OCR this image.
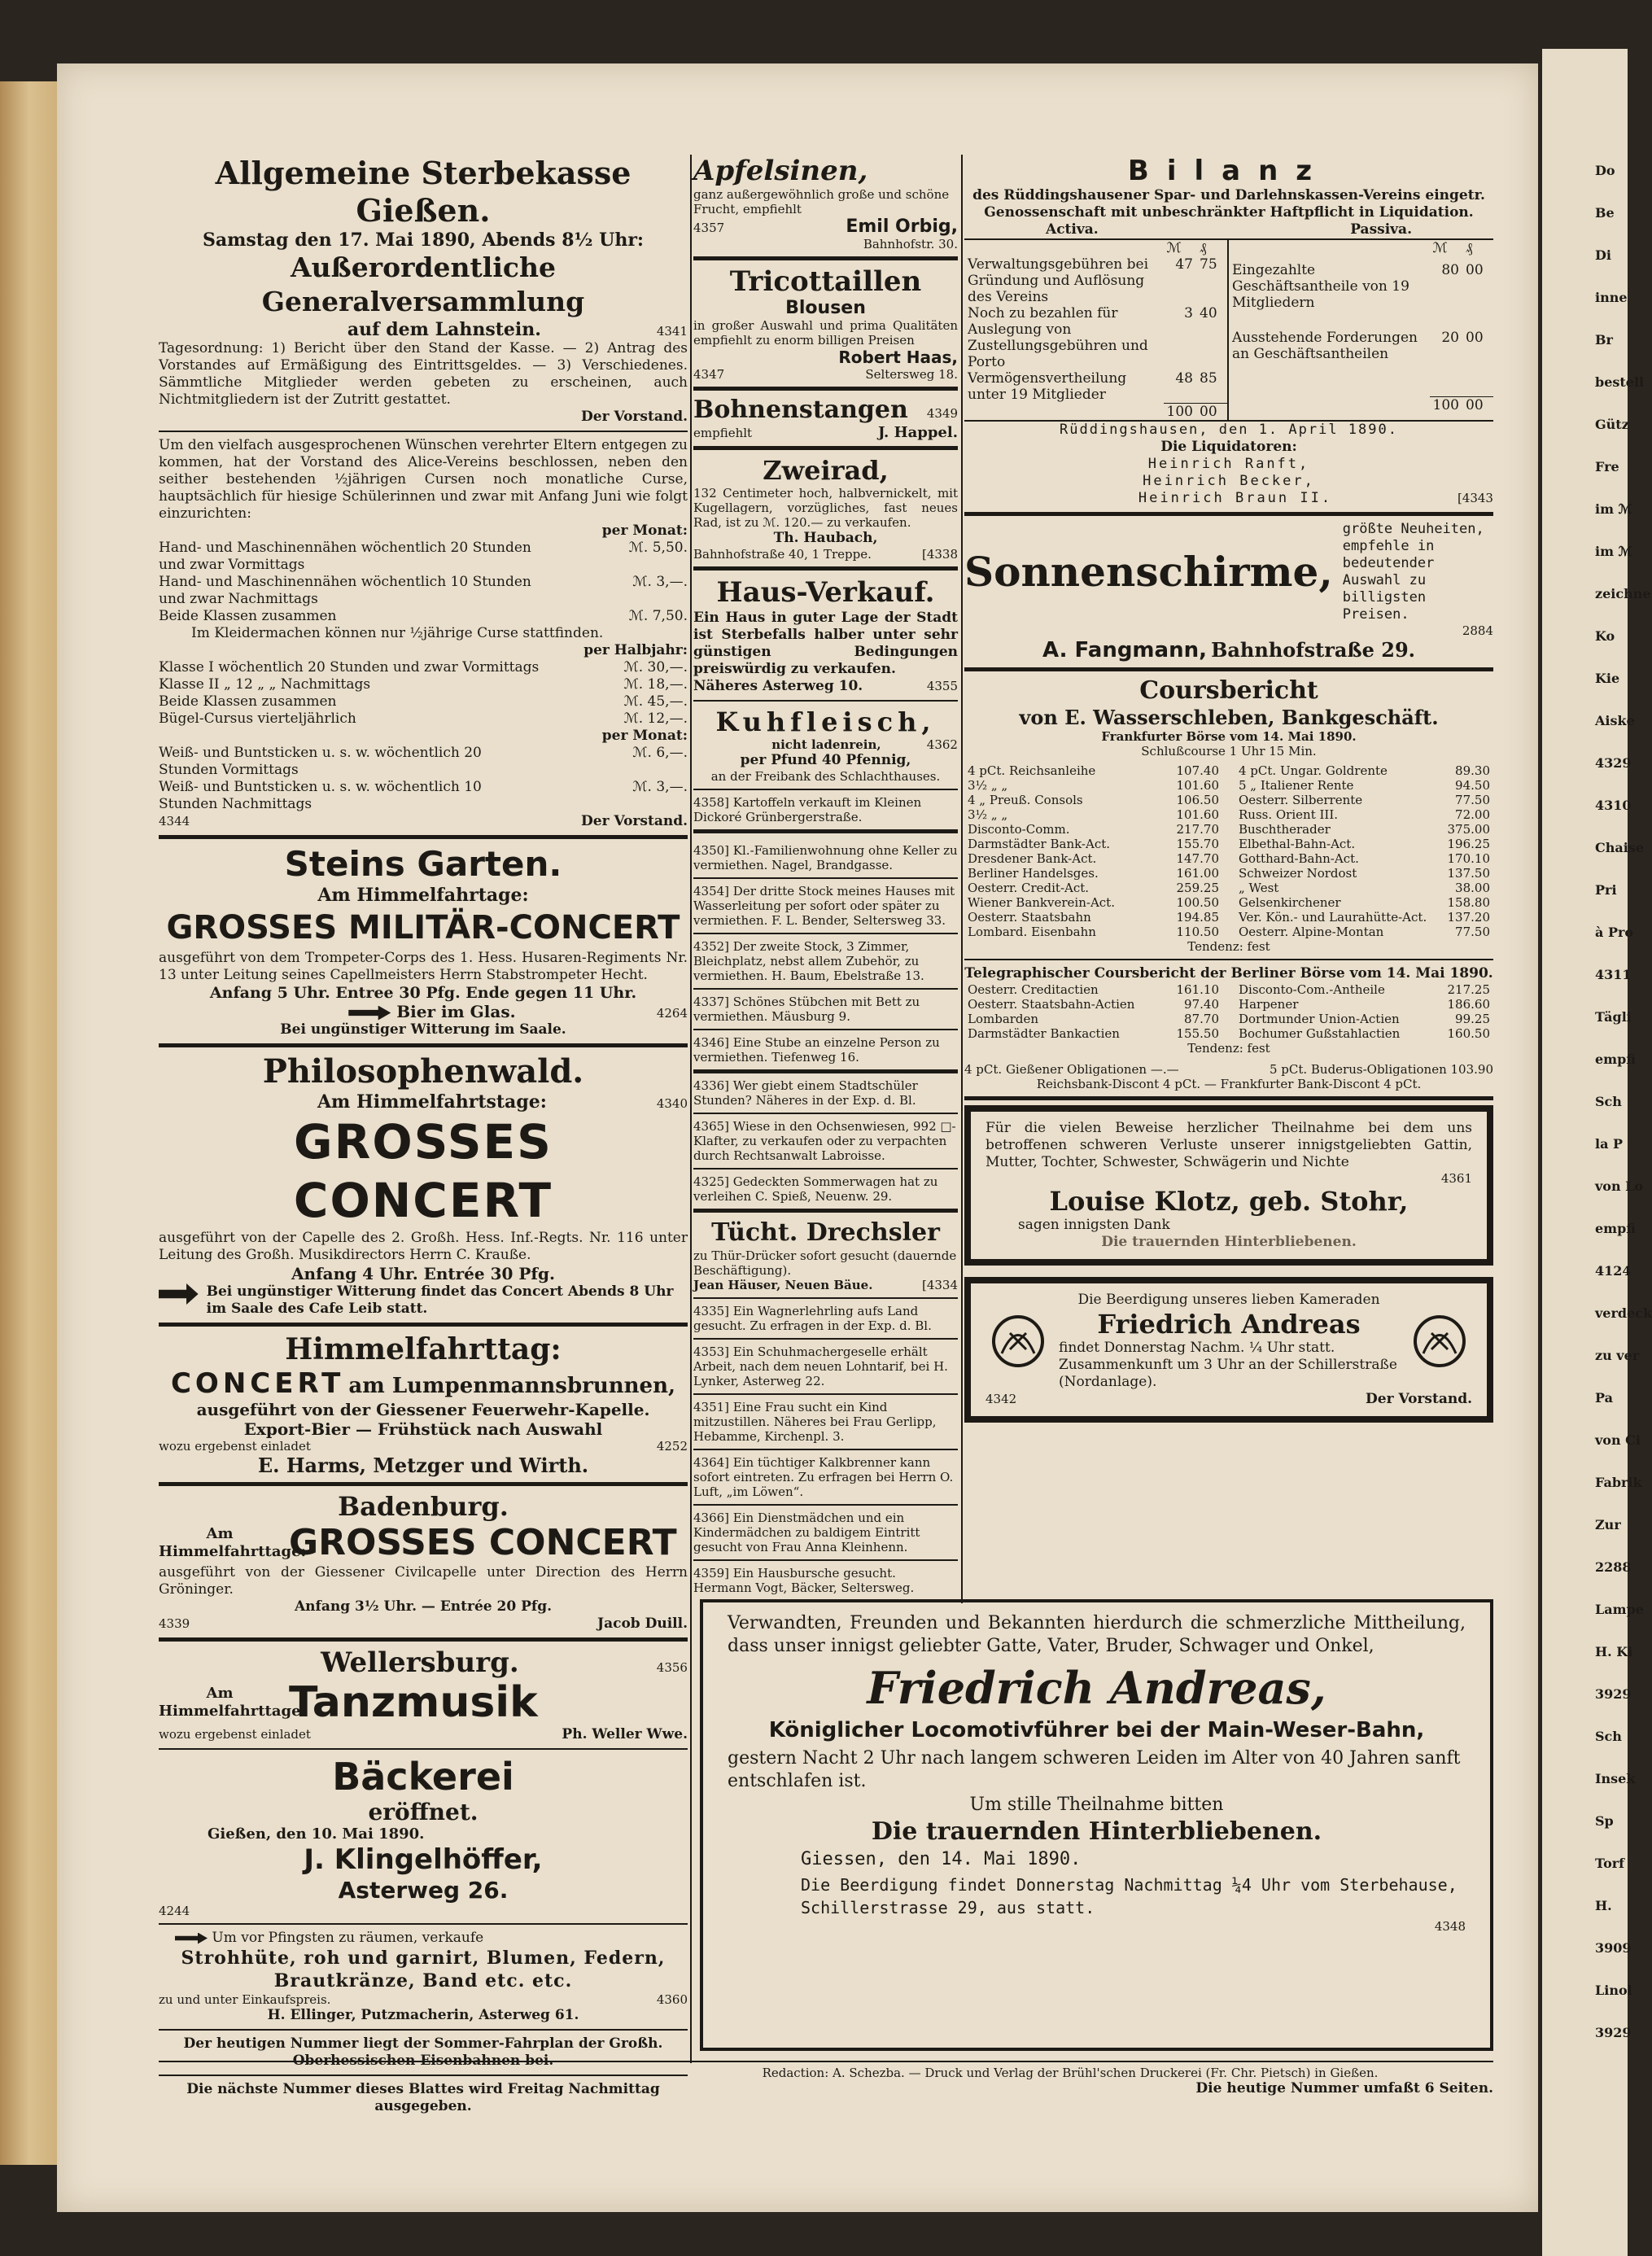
Allgemeine Sterbekasse Gießen.
Samstag den 17. Mai 1890, Abends 8½ Uhr:
Außerordentliche Generalversammlung
auf dem Lahnstein.	4341
Tagesordnung: 1) Bericht über den Stand der Kasse. — 2) Antrag des Vorstandes auf Ermäßigung des Eintrittsgeldes. — 3) Verschiedenes. Sämmtliche Mitglieder werden gebeten zu erscheinen, auch Nichtmitgliedern ist der Zutritt gestattet.
Der Vorstand.
Um den vielfach ausgesprochenen Wünschen verehrter Eltern entgegen zu kommen, hat der Vorstand des Alice-Vereins beschlossen, neben den seither bestehenden ½jährigen Cursen noch monatliche Curse, hauptsächlich für hiesige Schülerinnen und zwar mit Anfang Juni wie folgt einzurichten:
per Monat:
Hand- und Maschinennähen wöchentlich 20 Stunden und zwar Vormittags
ℳ. 5,50.
Hand- und Maschinennähen wöchentlich 10 Stunden und zwar Nachmittags
ℳ. 3,—.
Beide Klassen zusammen	ℳ. 7,50.
Im Kleidermachen können nur ½jährige Curse stattfinden.
per Halbjahr:
Klasse I wöchentlich 20 Stunden und zwar Vormittags	ℳ. 30,—.
Klasse II „ 12 „ „ Nachmittags	ℳ. 18,—.
Beide Klassen zusammen	ℳ. 45,—.
Bügel-Cursus vierteljährlich	ℳ. 12,—.
per Monat:
Weiß- und Buntsticken u. s. w. wöchentlich 20 Stunden Vormittags
ℳ. 6,—.
Weiß- und Buntsticken u. s. w. wöchentlich 10 Stunden Nachmittags
ℳ. 3,—.
4344	Der Vorstand.
Steins Garten.
Am Himmelfahrtage:
GROSSES MILITÄR-CONCERT
ausgeführt von dem Trompeter-Corps des 1. Hess. Husaren-Regiments Nr. 13 unter Leitung seines Capellmeisters Herrn Stabstrompeter Hecht.
Anfang 5 Uhr. Entree 30 Pfg. Ende gegen 11 Uhr.
Bier im Glas.	4264
Bei ungünstiger Witterung im Saale.
Philosophenwald.
Am Himmelfahrtstage:	4340
GROSSES CONCERT
ausgeführt von der Capelle des 2. Großh. Hess. Inf.-Regts. Nr. 116 unter Leitung des Großh. Musikdirectors Herrn C. Krauße.
Anfang 4 Uhr. Entrée 30 Pfg.
Bei ungünstiger Witterung findet das Concert Abends 8 Uhr im Saale des Cafe Leib statt.
Himmelfahrttag:
CONCERT am Lumpenmannsbrunnen,
ausgeführt von der Giessener Feuerwehr-Kapelle.
Export-Bier — Frühstück nach Auswahl
wozu ergebenst einladet	4252
E. Harms, Metzger und Wirth.
Badenburg.
Am
Himmelfahrttage:
GROSSES CONCERT
ausgeführt von der Giessener Civilcapelle unter Direction des Herrn Gröninger.
Anfang 3½ Uhr. — Entrée 20 Pfg.
4339	Jacob Duill.
Wellersburg.	4356
Am
Himmelfahrttage:
Tanzmusik
wozu ergebenst einladet	Ph. Weller Wwe.
Bäckerei
eröffnet.
Gießen, den 10. Mai 1890.
J. Klingelhöffer,
Asterweg 26.
4244
Um vor Pfingsten zu räumen, verkaufe
Strohhüte, roh und garnirt, Blumen, Federn, Brautkränze, Band etc. etc.
zu und unter Einkaufspreis.	4360
H. Ellinger, Putzmacherin, Asterweg 61.
Der heutigen Nummer liegt der Sommer-Fahrplan der Großh. Oberhessischen Eisenbahnen bei.
Die nächste Nummer dieses Blattes wird Freitag Nachmittag ausgegeben.
Apfelsinen,
ganz außergewöhnlich große und schöne Frucht, empfiehlt
4357	Emil Orbig,
Bahnhofstr. 30.
Tricottaillen
Blousen
in großer Auswahl und prima Qualitäten empfiehlt zu enorm billigen Preisen
Robert Haas,
4347	Seltersweg 18.
Bohnenstangen 4349
empfiehlt	J. Happel.
Zweirad,
132 Centimeter hoch, halbvernickelt, mit Kugellagern, vorzügliches, fast neues Rad, ist zu ℳ. 120.— zu verkaufen.
Th. Haubach,
Bahnhofstraße 40, 1 Treppe.	[4338
Haus-Verkauf.
Ein Haus in guter Lage der Stadt ist Sterbefalls halber unter sehr günstigen Bedingungen preiswürdig zu verkaufen.
Näheres Asterweg 10.	4355
Kuhfleisch,
nicht ladenrein,	4362
per Pfund 40 Pfennig,
an der Freibank des Schlachthauses.
4358] Kartoffeln verkauft im Kleinen Dickoré Grünbergerstraße.
4350] Kl.-Familienwohnung ohne Keller zu vermiethen. Nagel, Brandgasse.
4354] Der dritte Stock meines Hauses mit Wasserleitung per sofort oder später zu vermiethen. F. L. Bender, Seltersweg 33.
4352] Der zweite Stock, 3 Zimmer, Bleichplatz, nebst allem Zubehör, zu vermiethen. H. Baum, Ebelstraße 13.
4337] Schönes Stübchen mit Bett zu vermiethen. Mäusburg 9.
4346] Eine Stube an einzelne Person zu vermiethen. Tiefenweg 16.
4336] Wer giebt einem Stadtschüler Stunden? Näheres in der Exp. d. Bl.
4365] Wiese in den Ochsenwiesen, 992 □-Klafter, zu verkaufen oder zu verpachten durch Rechtsanwalt Labroisse.
4325] Gedeckten Sommerwagen hat zu verleihen C. Spieß, Neuenw. 29.
Tücht. Drechsler
zu Thür-Drücker sofort gesucht (dauernde Beschäftigung).
Jean Häuser, Neuen Bäue.	[4334
4335] Ein Wagnerlehrling aufs Land gesucht. Zu erfragen in der Exp. d. Bl.
4353] Ein Schuhmachergeselle erhält Arbeit, nach dem neuen Lohntarif, bei H. Lynker, Asterweg 22.
4351] Eine Frau sucht ein Kind mitzustillen. Näheres bei Frau Gerlipp, Hebamme, Kirchenpl. 3.
4364] Ein tüchtiger Kalkbrenner kann sofort eintreten. Zu erfragen bei Herrn O. Luft, „im Löwen“.
4366] Ein Dienstmädchen und ein Kindermädchen zu baldigem Eintritt gesucht von Frau Anna Kleinhenn.
4359] Ein Hausbursche gesucht. Hermann Vogt, Bäcker, Seltersweg.
Bilanz
des Rüddingshausener Spar- und Darlehnskassen-Vereins eingetr. Genossenschaft mit unbeschränkter Haftpflicht in Liquidation.
Activa.	Passiva.
	ℳ	₰
Verwaltungsgebühren bei Gründung und Auflösung des Vereins	47	75
Noch zu bezahlen für Auslegung von Zustellungsgebühren und Porto	3	40
Vermögensvertheilung unter 19 Mitglieder	48	85
	100	00
	ℳ	₰
Eingezahlte Geschäftsantheile von 19 Mitgliedern	80	00
Ausstehende Forderungen an Geschäftsantheilen	20	00

	100	00
Rüddingshausen, den 1. April 1890.
Die Liquidatoren:
Heinrich Ranft,
Heinrich Becker,
Heinrich Braun II.	[4343
Sonnenschirme,
größte Neuheiten, empfehle in bedeutender Auswahl zu billigsten Preisen.
2884
A. Fangmann, Bahnhofstraße 29.
Coursbericht
von E. Wasserschleben, Bankgeschäft.
Frankfurter Börse vom 14. Mai 1890.
Schlußcourse 1 Uhr 15 Min.
4 pCt. Reichsanleihe	107.40
3½ „ „	101.60
4 „ Preuß. Consols	106.50
3½ „ „	101.60
Disconto-Comm.	217.70
Darmstädter Bank-Act.	155.70
Dresdener Bank-Act.	147.70
Berliner Handelsges.	161.00
Oesterr. Credit-Act.	259.25
Wiener Bankverein-Act.	100.50
Oesterr. Staatsbahn	194.85
Lombard. Eisenbahn	110.50
4 pCt. Ungar. Goldrente	89.30
5 „ Italiener Rente	94.50
Oesterr. Silberrente	77.50
Russ. Orient III.	72.00
Buschtherader	375.00
Elbethal-Bahn-Act.	196.25
Gotthard-Bahn-Act.	170.10
Schweizer Nordost	137.50
„ West	38.00
Gelsenkirchener	158.80
Ver. Kön.- und Laurahütte-Act.	137.20
Oesterr. Alpine-Montan	77.50
Tendenz: fest
Telegraphischer Coursbericht der Berliner Börse vom 14. Mai 1890.
Oesterr. Creditactien	161.10
Oesterr. Staatsbahn-Actien	97.40
Lombarden	87.70
Darmstädter Bankactien	155.50
Disconto-Com.-Antheile	217.25
Harpener	186.60
Dortmunder Union-Actien	99.25
Bochumer Gußstahlactien	160.50
Tendenz: fest
4 pCt. Gießener Obligationen —.—	5 pCt. Buderus-Obligationen 103.90
Reichsbank-Discont 4 pCt. — Frankfurter Bank-Discont 4 pCt.
Für die vielen Beweise herzlicher Theilnahme bei dem uns betroffenen schweren Verluste unserer innigstgeliebten Gattin, Mutter, Tochter, Schwester, Schwägerin und Nichte
4361
Louise Klotz, geb. Stohr,
sagen innigsten Dank
Die trauernden Hinterbliebenen.
Die Beerdigung unseres lieben Kameraden
Friedrich Andreas
findet Donnerstag Nachm. ¼ Uhr statt. Zusammenkunft um 3 Uhr an der Schillerstraße (Nordanlage).
4342	Der Vorstand.
Verwandten, Freunden und Bekannten hierdurch die schmerzliche Mittheilung, dass unser innigst geliebter Gatte, Vater, Bruder, Schwager und Onkel,
Friedrich Andreas,
Königlicher Locomotivführer bei der Main-Weser-Bahn,
gestern Nacht 2 Uhr nach langem schweren Leiden im Alter von 40 Jahren sanft entschlafen ist.
Um stille Theilnahme bitten
Die trauernden Hinterbliebenen.
Giessen, den 14. Mai 1890.
Die Beerdigung findet Donnerstag Nachmittag ¼4 Uhr vom Sterbehause, Schillerstrasse 29, aus statt.
4348
Redaction: A. Schezba. — Druck und Verlag der Brühl'schen Druckerei (Fr. Chr. Pietsch) in Gießen.
Die heutige Nummer umfaßt 6 Seiten.
Do
Be
Di
inne
Br
bestell
Gütz
Fre
im ℳ
im ℳ
zeichne
Ko
Kie
Aiske
4329
4310
Chaise
Pri
à Pro
4311
Tägli
empfi
Sch
la P
von Lo
empfi
4124
verdeck
zu ver
Pa
von Ci
Fabrik
Zur
2288
Lampe
H. Ki
3929
Sch
Insek
Sp
Torf
H.
3909
Linol
3929
